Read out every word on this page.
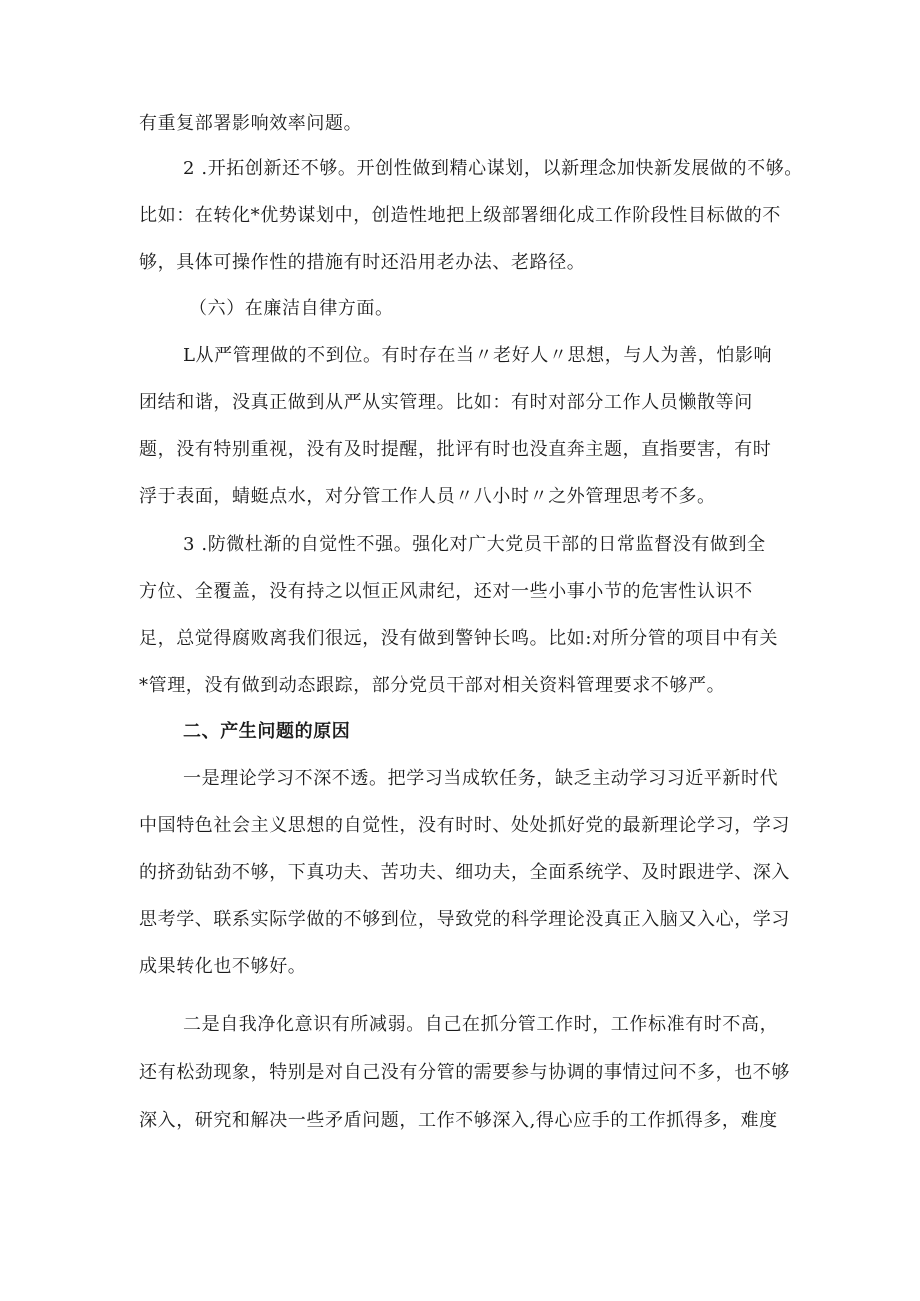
有重复部署影响效率问题。
2 .开拓创新还不够。开创性做到精心谋划，以新理念加快新发展做的不够。
比如：在转化*优势谋划中，创造性地把上级部署细化成工作阶段性目标做的不
够，具体可操作性的措施有时还沿用老办法、老路径。
（六）在廉洁自律方面。
L从严管理做的不到位。有时存在当〃老好人〃思想，与人为善，怕影响
团结和谐，没真正做到从严从实管理。比如：有时对部分工作人员懒散等问
题，没有特别重视，没有及时提醒，批评有时也没直奔主题，直指要害，有时
浮于表面，蜻蜓点水，对分管工作人员〃八小时〃之外管理思考不多。
3 .防微杜渐的自觉性不强。强化对广大党员干部的日常监督没有做到全
方位、全覆盖，没有持之以恒正风肃纪，还对一些小事小节的危害性认识不
足，总觉得腐败离我们很远，没有做到警钟长鸣。比如:对所分管的项目中有关
*管理，没有做到动态跟踪，部分党员干部对相关资料管理要求不够严。
二、产生问题的原因
一是理论学习不深不透。把学习当成软任务，缺乏主动学习习近平新时代
中国特色社会主义思想的自觉性，没有时时、处处抓好党的最新理论学习，学习
的挤劲钻劲不够，下真功夫、苦功夫、细功夫，全面系统学、及时跟进学、深入
思考学、联系实际学做的不够到位，导致党的科学理论没真正入脑又入心，学习
成果转化也不够好。
二是自我净化意识有所减弱。自己在抓分管工作时，工作标准有时不高，
还有松劲现象，特别是对自己没有分管的需要参与协调的事情过问不多，也不够
深入，研究和解决一些矛盾问题，工作不够深入,得心应手的工作抓得多，难度
